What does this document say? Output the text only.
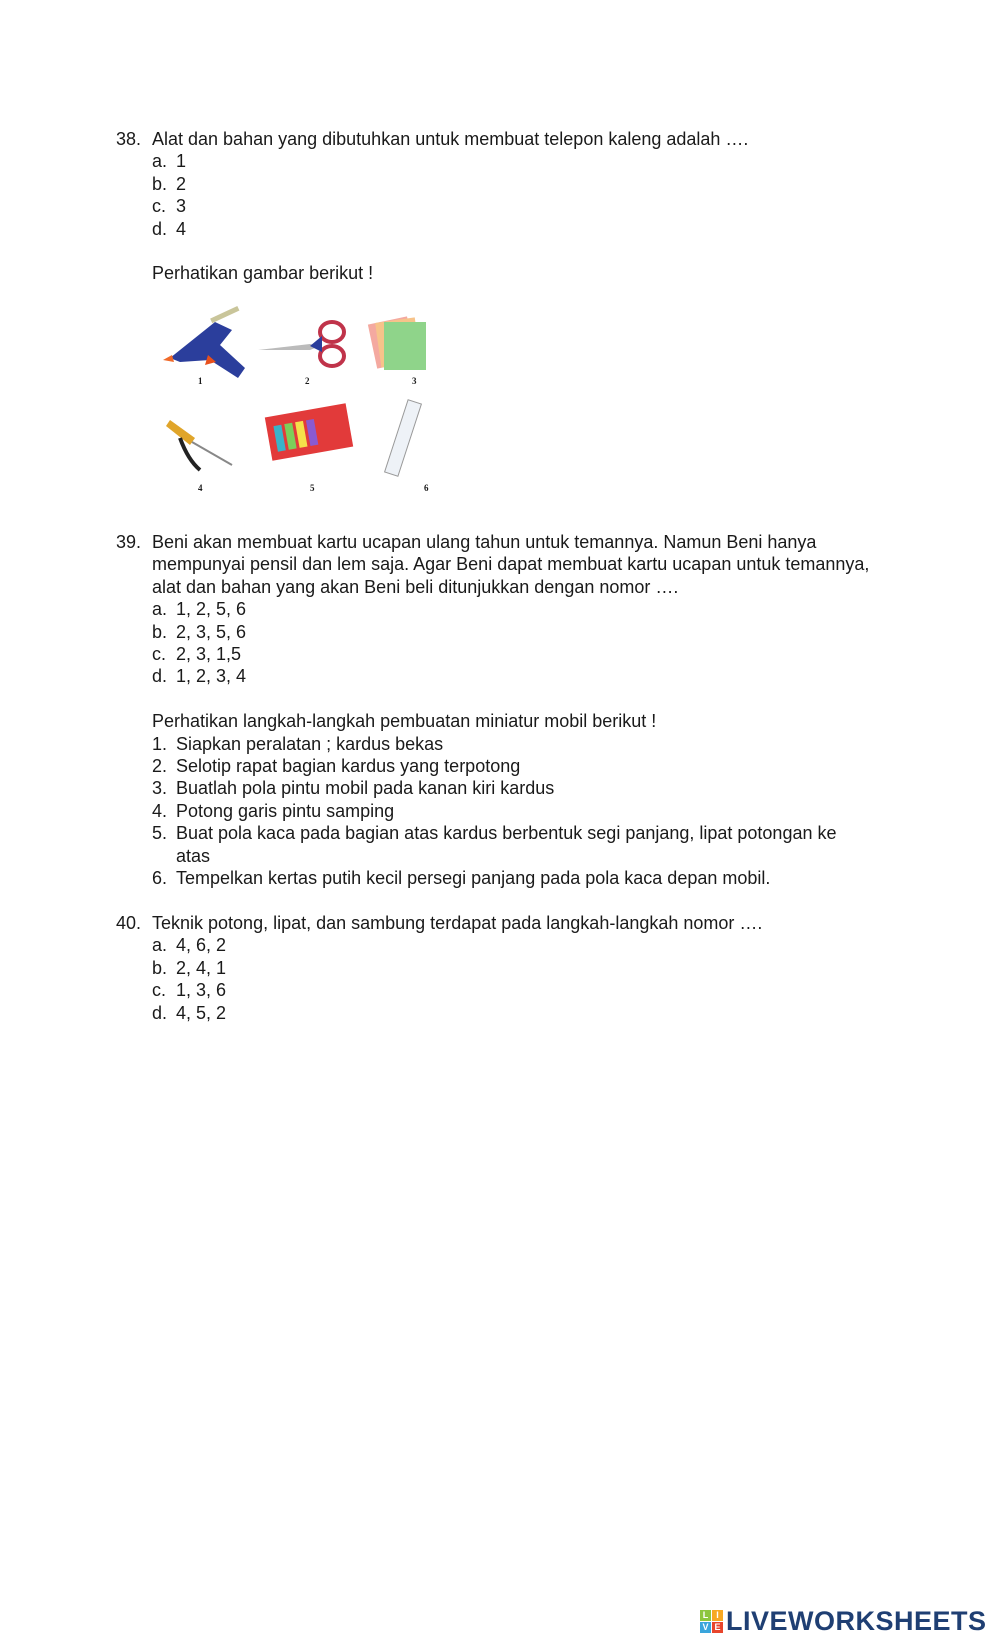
38. Alat dan bahan yang dibutuhkan untuk membuat telepon kaleng adalah ….
a. 1
b. 2
c. 3
d. 4
Perhatikan gambar berikut !
1	2	3
4	5	6
39. Beni akan membuat kartu ucapan ulang tahun untuk temannya. Namun Beni hanya mempunyai pensil dan lem saja. Agar Beni dapat membuat kartu ucapan untuk temannya, alat dan bahan yang akan Beni beli ditunjukkan dengan nomor ….
a. 1, 2, 5, 6
b. 2, 3, 5, 6
c. 2, 3, 1,5
d. 1, 2, 3, 4
Perhatikan langkah-langkah pembuatan miniatur mobil berikut !
1. Siapkan peralatan ; kardus bekas
2. Selotip rapat bagian kardus yang terpotong
3. Buatlah pola pintu mobil pada kanan kiri kardus
4. Potong garis pintu samping
5. Buat pola kaca pada bagian atas kardus berbentuk segi panjang, lipat potongan ke atas
6. Tempelkan kertas putih kecil persegi panjang pada pola kaca depan mobil.
40. Teknik potong, lipat, dan sambung terdapat pada langkah-langkah nomor ….
a. 4, 6, 2
b. 2, 4, 1
c. 1, 3, 6
d. 4, 5, 2
L I
V E LIVEWORKSHEETS
